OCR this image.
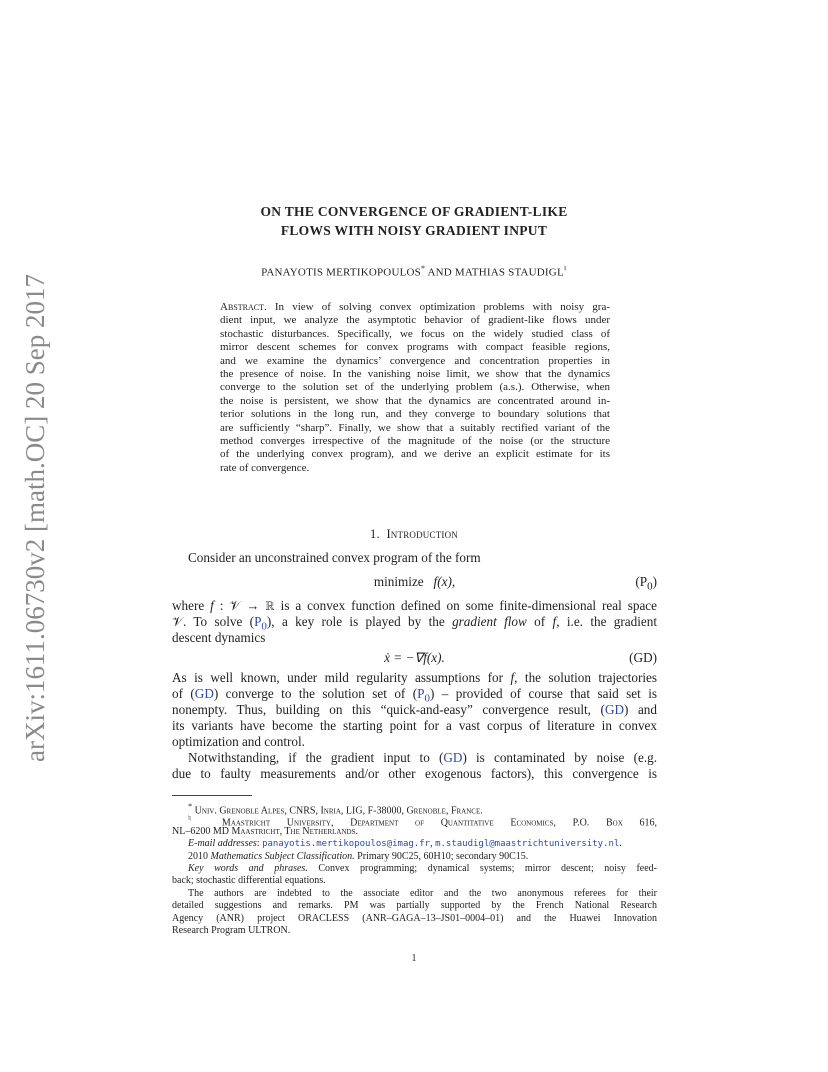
arXiv:1611.06730v2 [math.OC] 20 Sep 2017
ON THE CONVERGENCE OF GRADIENT-LIKE
FLOWS WITH NOISY GRADIENT INPUT
PANAYOTIS MERTIKOPOULOS* AND MATHIAS STAUDIGL♮
Abstract. In view of solving convex optimization problems with noisy gra-
dient input, we analyze the asymptotic behavior of gradient-like flows under
stochastic disturbances. Specifically, we focus on the widely studied class of
mirror descent schemes for convex programs with compact feasible regions,
and we examine the dynamics’ convergence and concentration properties in
the presence of noise. In the vanishing noise limit, we show that the dynamics
converge to the solution set of the underlying problem (a.s.). Otherwise, when
the noise is persistent, we show that the dynamics are concentrated around in-
terior solutions in the long run, and they converge to boundary solutions that
are sufficiently “sharp”. Finally, we show that a suitably rectified variant of the
method converges irrespective of the magnitude of the noise (or the structure
of the underlying convex program), and we derive an explicit estimate for its
rate of convergence.
1. Introduction
Consider an unconstrained convex program of the form
minimize f(x),	$(P_0)$
where f : 𝒱 → ℝ is a convex function defined on some finite-dimensional real space
𝒱. To solve $(P_0)$, a key role is played by the gradient flow of f, i.e. the gradient
descent dynamics
ẋ = −∇f(x).	(GD)
As is well known, under mild regularity assumptions for f, the solution trajectories
of (GD) converge to the solution set of $(P_0)$ – provided of course that said set is
nonempty. Thus, building on this “quick-and-easy” convergence result, (GD) and
its variants have become the starting point for a vast corpus of literature in convex
optimization and control.
Notwithstanding, if the gradient input to (GD) is contaminated by noise (e.g.
due to faulty measurements and/or other exogenous factors), this convergence is
* Univ. Grenoble Alpes, CNRS, Inria, LIG, F-38000, Grenoble, France.
♮ Maastricht University, Department of Quantitative Economics, P.O. Box 616,
NL–6200 MD Maastricht, The Netherlands.
E-mail addresses: panayotis.mertikopoulos@imag.fr, m.staudigl@maastrichtuniversity.nl.
2010 Mathematics Subject Classification. Primary 90C25, 60H10; secondary 90C15.
Key words and phrases. Convex programming; dynamical systems; mirror descent; noisy feed-
back; stochastic differential equations.
The authors are indebted to the associate editor and the two anonymous referees for their
detailed suggestions and remarks. PM was partially supported by the French National Research
Agency (ANR) project ORACLESS (ANR–GAGA–13–JS01–0004–01) and the Huawei Innovation
Research Program ULTRON.
1
